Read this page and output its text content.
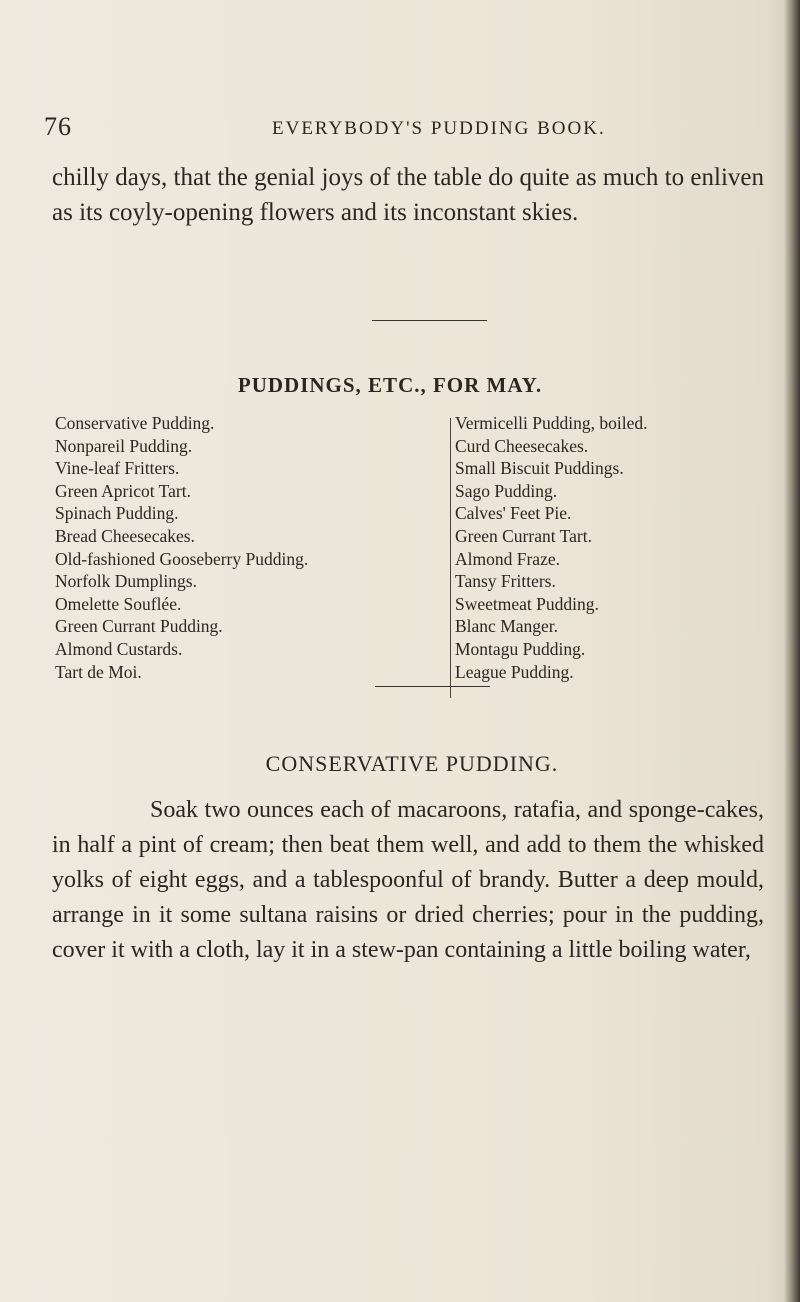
76	EVERYBODY'S PUDDING BOOK.

chilly days, that the genial joys of the table do quite as much to enliven as its coyly-opening flowers and its inconstant skies.

PUDDINGS, ETC., FOR MAY.
Conservative Pudding.
Nonpareil Pudding.
Vine-leaf Fritters.
Green Apricot Tart.
Spinach Pudding.
Bread Cheesecakes.
Old-fashioned Gooseberry Pudding.
Norfolk Dumplings.
Omelette Souflée.
Green Currant Pudding.
Almond Custards.
Tart de Moi.
Vermicelli Pudding, boiled.
Curd Cheesecakes.
Small Biscuit Puddings.
Sago Pudding.
Calves' Feet Pie.
Green Currant Tart.
Almond Fraze.
Tansy Fritters.
Sweetmeat Pudding.
Blanc Manger.
Montagu Pudding.
League Pudding.
CONSERVATIVE PUDDING.

Soak two ounces each of macaroons, ratafia, and sponge-cakes, in half a pint of cream; then beat them well, and add to them the whisked yolks of eight eggs, and a tablespoonful of brandy. Butter a deep mould, arrange in it some sultana raisins or dried cherries; pour in the pudding, cover it with a cloth, lay it in a stew-pan containing a little boiling water,
